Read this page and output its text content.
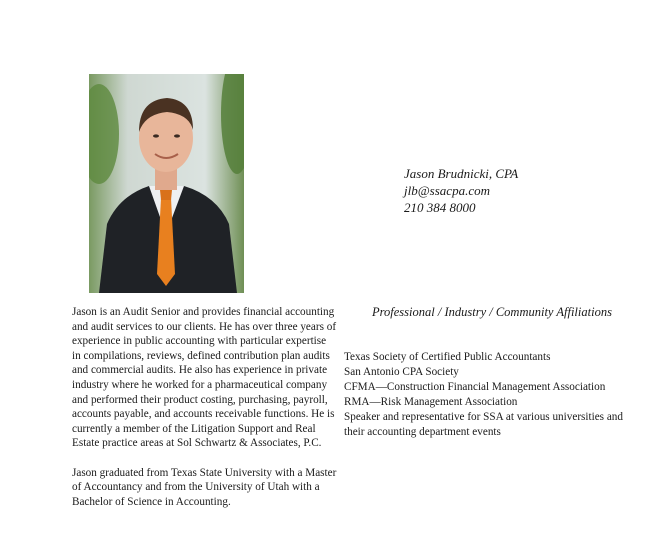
Jason Brudnicki, CPA
jlb@ssacpa.com
210 384 8000
Professional / Industry / Community Affiliations

Jason is an Audit Senior and provides financial accounting and audit services to our clients. He has over three years of experience in public accounting with particular expertise in compilations, reviews, defined contribution plan audits and commercial audits. He also has experience in private industry where he worked for a pharmaceutical company and performed their product costing, purchasing, payroll, accounts payable, and accounts receivable functions. He is currently a member of the Litigation Support and Real Estate practice areas at Sol Schwartz & Associates, P.C.

Jason graduated from Texas State University with a Master of Accountancy and from the University of Utah with a Bachelor of Science in Accounting.

Texas Society of Certified Public Accountants
San Antonio CPA Society
CFMA—Construction Financial Management Association
RMA—Risk Management Association
Speaker and representative for SSA at various universities and their accounting department events
